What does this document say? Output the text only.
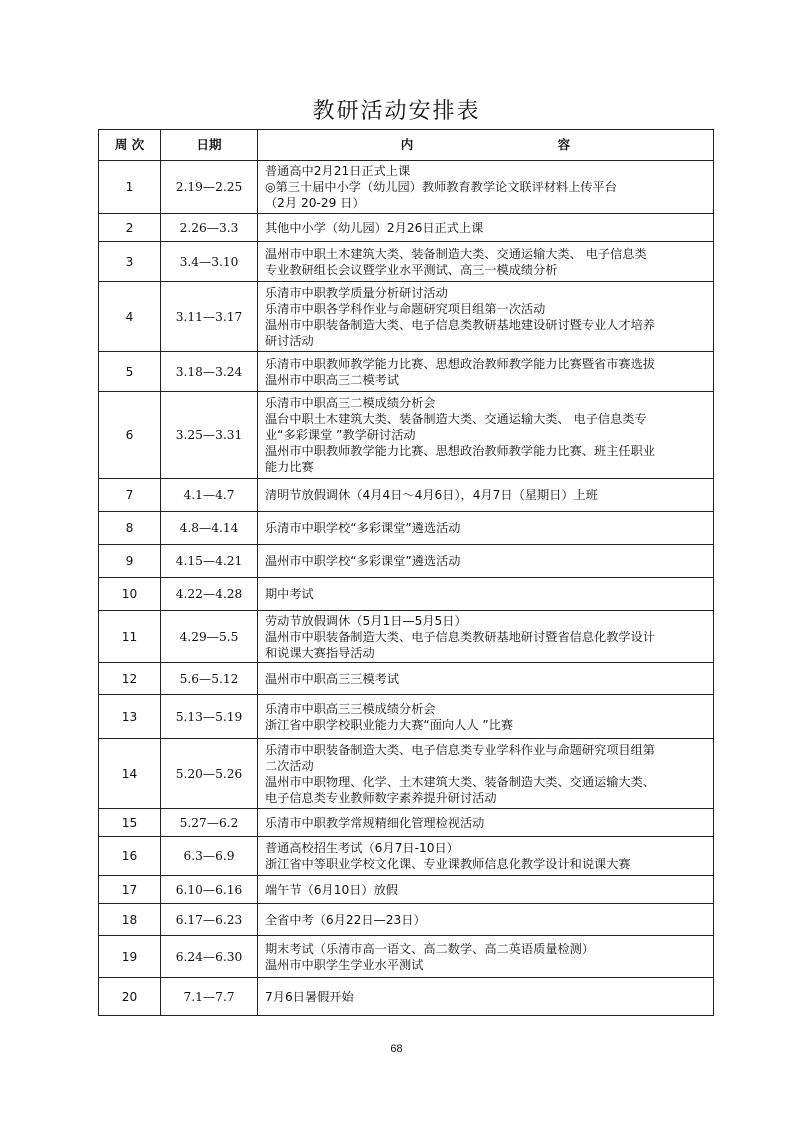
教研活动安排表
周 次	日期	内 容
1	2.19—2.25	普通高中2月21日正式上课
◎第三十届中小学（幼儿园）教师教育教学论文联评材料上传平台
（2月 20-29 日）

2	2.26—3.3	其他中小学（幼儿园）2月26日正式上课

3	3.4—3.10	温州市中职土木建筑大类、装备制造大类、交通运输大类、 电子信息类
专业教研组长会议暨学业水平测试、高三一模成绩分析

4	3.11—3.17	乐清市中职教学质量分析研讨活动
乐清市中职各学科作业与命题研究项目组第一次活动
温州市中职装备制造大类、电子信息类教研基地建设研讨暨专业人才培养
研讨活动

5	3.18—3.24	乐清市中职教师教学能力比赛、思想政治教师教学能力比赛暨省市赛选拔
温州市中职高三二模考试

6	3.25—3.31	乐清市中职高三二模成绩分析会
温台中职土木建筑大类、装备制造大类、交通运输大类、 电子信息类专
业“多彩课堂 ”教学研讨活动
温州市中职教师教学能力比赛、思想政治教师教学能力比赛、班主任职业
能力比赛

7	4.1—4.7	清明节放假调休（4月4日～4月6日），4月7日（星期日）上班

8	4.8—4.14	乐清市中职学校“多彩课堂”遴选活动

9	4.15—4.21	温州市中职学校“多彩课堂”遴选活动

10	4.22—4.28	期中考试

11	4.29—5.5	劳动节放假调休（5月1日—5月5日）
温州市中职装备制造大类、电子信息类教研基地研讨暨省信息化教学设计
和说课大赛指导活动

12	5.6—5.12	温州市中职高三三模考试

13	5.13—5.19	乐清市中职高三三模成绩分析会
浙江省中职学校职业能力大赛“面向人人 ”比赛

14	5.20—5.26	乐清市中职装备制造大类、电子信息类专业学科作业与命题研究项目组第
二次活动
温州市中职物理、化学、土木建筑大类、装备制造大类、交通运输大类、
电子信息类专业教师数字素养提升研讨活动

15	5.27—6.2	乐清市中职教学常规精细化管理检视活动

16	6.3—6.9	普通高校招生考试（6月7日-10日）
浙江省中等职业学校文化课、专业课教师信息化教学设计和说课大赛

17	6.10—6.16	端午节（6月10日）放假

18	6.17—6.23	全省中考（6月22日—23日）

19	6.24—6.30	期末考试（乐清市高一语文、高二数学、高二英语质量检测）
温州市中职学生学业水平测试

20	7.1—7.7	7月6日暑假开始
68
